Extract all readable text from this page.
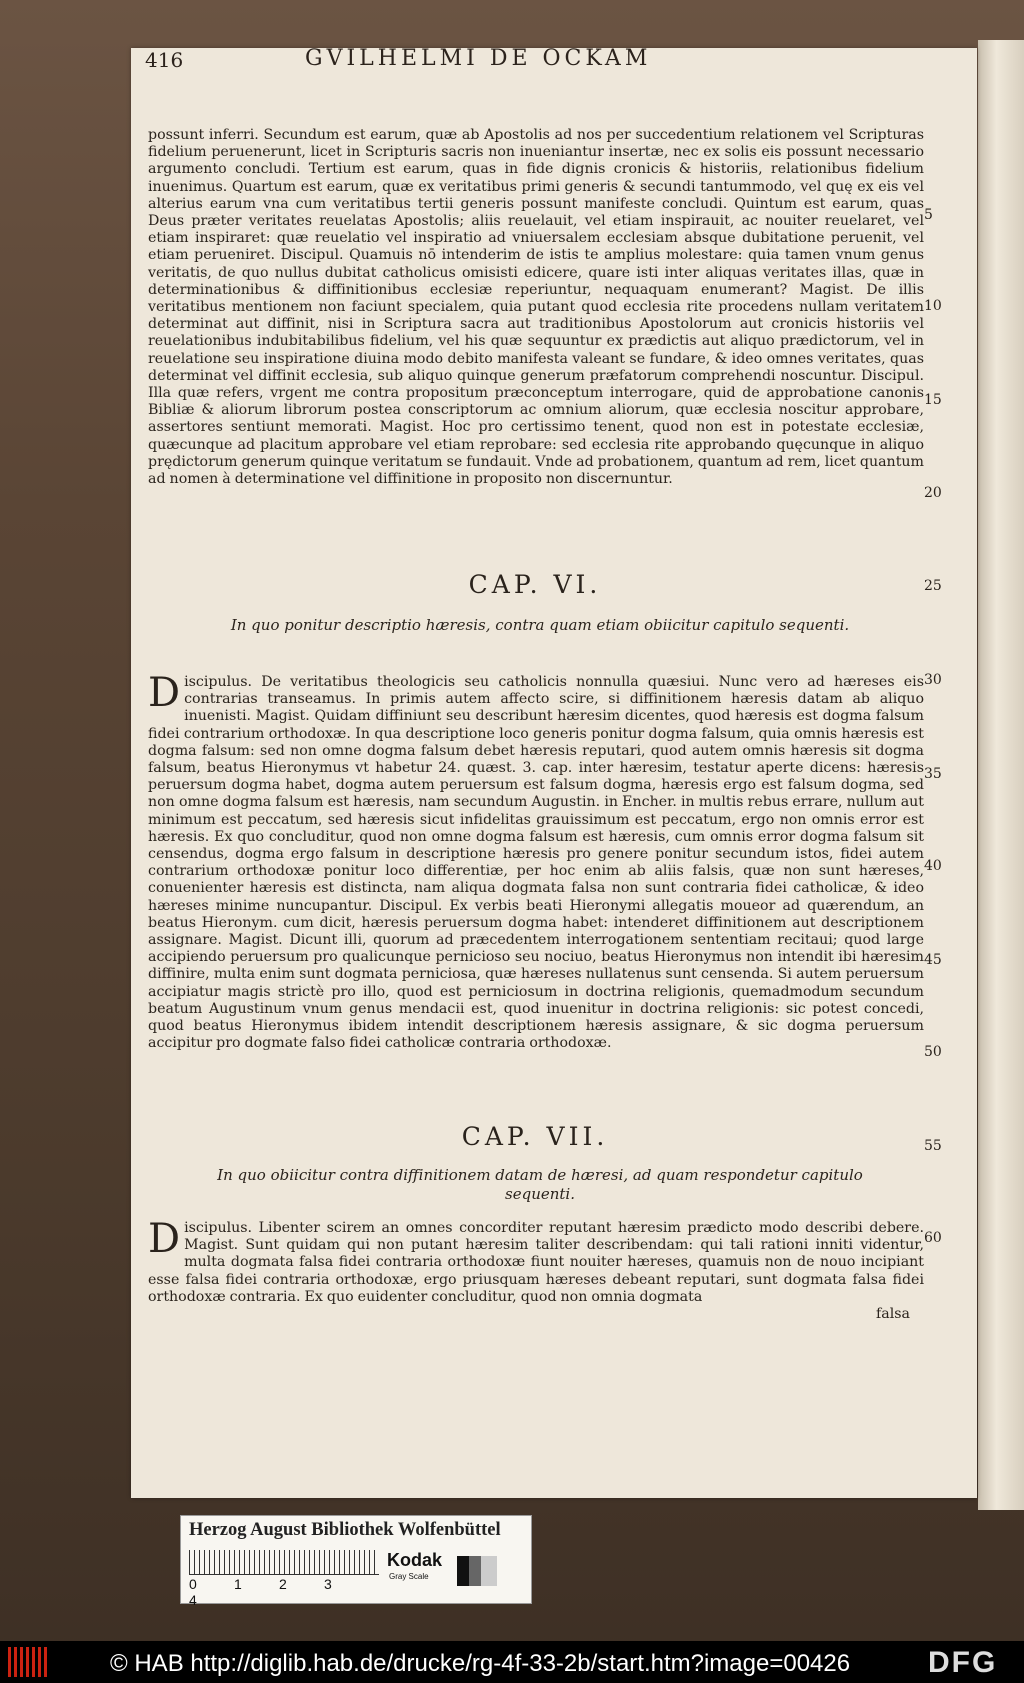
416	GVILHELMI DE OCKAM

possunt inferri. Secundum est earum, quæ ab Apostolis ad nos per succedentium relationem vel Scripturas fidelium peruenerunt, licet in Scripturis sacris non inueniantur insertæ, nec ex solis eis possunt necessario argumento concludi. Tertium est earum, quas in fide dignis cronicis & historiis, relationibus fidelium inuenimus. Quartum est earum, quæ ex veritatibus primi generis & secundi tantummodo, vel quę ex eis vel alterius earum vna cum veritatibus tertii generis possunt manifeste concludi. Quintum est earum, quas Deus præter veritates reuelatas Apostolis; aliis reuelauit, vel etiam inspirauit, ac nouiter reuelaret, vel etiam inspiraret: quæ reuelatio vel inspiratio ad vniuersalem ecclesiam absque dubitatione peruenit, vel etiam perueniret. Discipul. Quamuis nō intenderim de istis te amplius molestare: quia tamen vnum genus veritatis, de quo nullus dubitat catholicus omisisti edicere, quare isti inter aliquas veritates illas, quæ in determinationibus & diffinitionibus ecclesiæ reperiuntur, nequaquam enumerant? Magist. De illis veritatibus mentionem non faciunt specialem, quia putant quod ecclesia rite procedens nullam veritatem determinat aut diffinit, nisi in Scriptura sacra aut traditionibus Apostolorum aut cronicis historiis vel reuelationibus indubitabilibus fidelium, vel his quæ sequuntur ex prædictis aut aliquo prædictorum, vel in reuelatione seu inspiratione diuina modo debito manifesta valeant se fundare, & ideo omnes veritates, quas determinat vel diffinit ecclesia, sub aliquo quinque generum præfatorum comprehendi noscuntur. Discipul. Illa quæ refers, vrgent me contra propositum præconceptum interrogare, quid de approbatione canonis Bibliæ & aliorum librorum postea conscriptorum ac omnium aliorum, quæ ecclesia noscitur approbare, assertores sentiunt memorati. Magist. Hoc pro certissimo tenent, quod non est in potestate ecclesiæ, quæcunque ad placitum approbare vel etiam reprobare: sed ecclesia rite approbando quęcunque in aliquo prędictorum generum quinque veritatum se fundauit. Vnde ad probationem, quantum ad rem, licet quantum ad nomen à determinatione vel diffinitione in proposito non discernuntur.

CAP. VI.
In quo ponitur descriptio hæresis, contra quam etiam obiicitur capitulo sequenti.

Discipulus. De veritatibus theologicis seu catholicis nonnulla quæsiui. Nunc vero ad hæreses eis contrarias transeamus. In primis autem affecto scire, si diffinitionem hæresis datam ab aliquo inuenisti. Magist. Quidam diffiniunt seu describunt hæresim dicentes, quod hæresis est dogma falsum fidei contrarium orthodoxæ. In qua descriptione loco generis ponitur dogma falsum, quia omnis hæresis est dogma falsum: sed non omne dogma falsum debet hæresis reputari, quod autem omnis hæresis sit dogma falsum, beatus Hieronymus vt habetur 24. quæst. 3. cap. inter hæresim, testatur aperte dicens: hæresis peruersum dogma habet, dogma autem peruersum est falsum dogma, hæresis ergo est falsum dogma, sed non omne dogma falsum est hæresis, nam secundum Augustin. in Encher. in multis rebus errare, nullum aut minimum est peccatum, sed hæresis sicut infidelitas grauissimum est peccatum, ergo non omnis error est hæresis. Ex quo concluditur, quod non omne dogma falsum est hæresis, cum omnis error dogma falsum sit censendus, dogma ergo falsum in descriptione hæresis pro genere ponitur secundum istos, fidei autem contrarium orthodoxæ ponitur loco differentiæ, per hoc enim ab aliis falsis, quæ non sunt hæreses, conuenienter hæresis est distincta, nam aliqua dogmata falsa non sunt contraria fidei catholicæ, & ideo hæreses minime nuncupantur. Discipul. Ex verbis beati Hieronymi allegatis moueor ad quærendum, an beatus Hieronym. cum dicit, hæresis peruersum dogma habet: intenderet diffinitionem aut descriptionem assignare. Magist. Dicunt illi, quorum ad præcedentem interrogationem sententiam recitaui; quod large accipiendo peruersum pro qualicunque pernicioso seu nociuo, beatus Hieronymus non intendit ibi hæresim diffinire, multa enim sunt dogmata perniciosa, quæ hæreses nullatenus sunt censenda. Si autem peruersum accipiatur magis strictè pro illo, quod est perniciosum in doctrina religionis, quemadmodum secundum beatum Augustinum vnum genus mendacii est, quod inuenitur in doctrina religionis: sic potest concedi, quod beatus Hieronymus ibidem intendit descriptionem hæresis assignare, & sic dogma peruersum accipitur pro dogmate falso fidei catholicæ contraria orthodoxæ.

CAP. VII.
In quo obiicitur contra diffinitionem datam de hæresi, ad quam respondetur capitulo sequenti.

Discipulus. Libenter scirem an omnes concorditer reputant hæresim prædicto modo describi debere. Magist. Sunt quidam qui non putant hæresim taliter describendam: qui tali rationi inniti videntur, multa dogmata falsa fidei contraria orthodoxæ fiunt nouiter hæreses, quamuis non de nouo incipiant esse falsa fidei contraria orthodoxæ, ergo priusquam hæreses debeant reputari, sunt dogmata falsa fidei orthodoxæ contraria. Ex quo euidenter concluditur, quod non omnia dogmata

falsa

5
10
15
20
25
30
35
40
45
50
55
60
Herzog August Bibliothek Wolfenbüttel
0	1	2	34
Kodak
Gray Scale
© HAB http://diglib.hab.de/drucke/rg-4f-33-2b/start.htm?image=00426	DFG
